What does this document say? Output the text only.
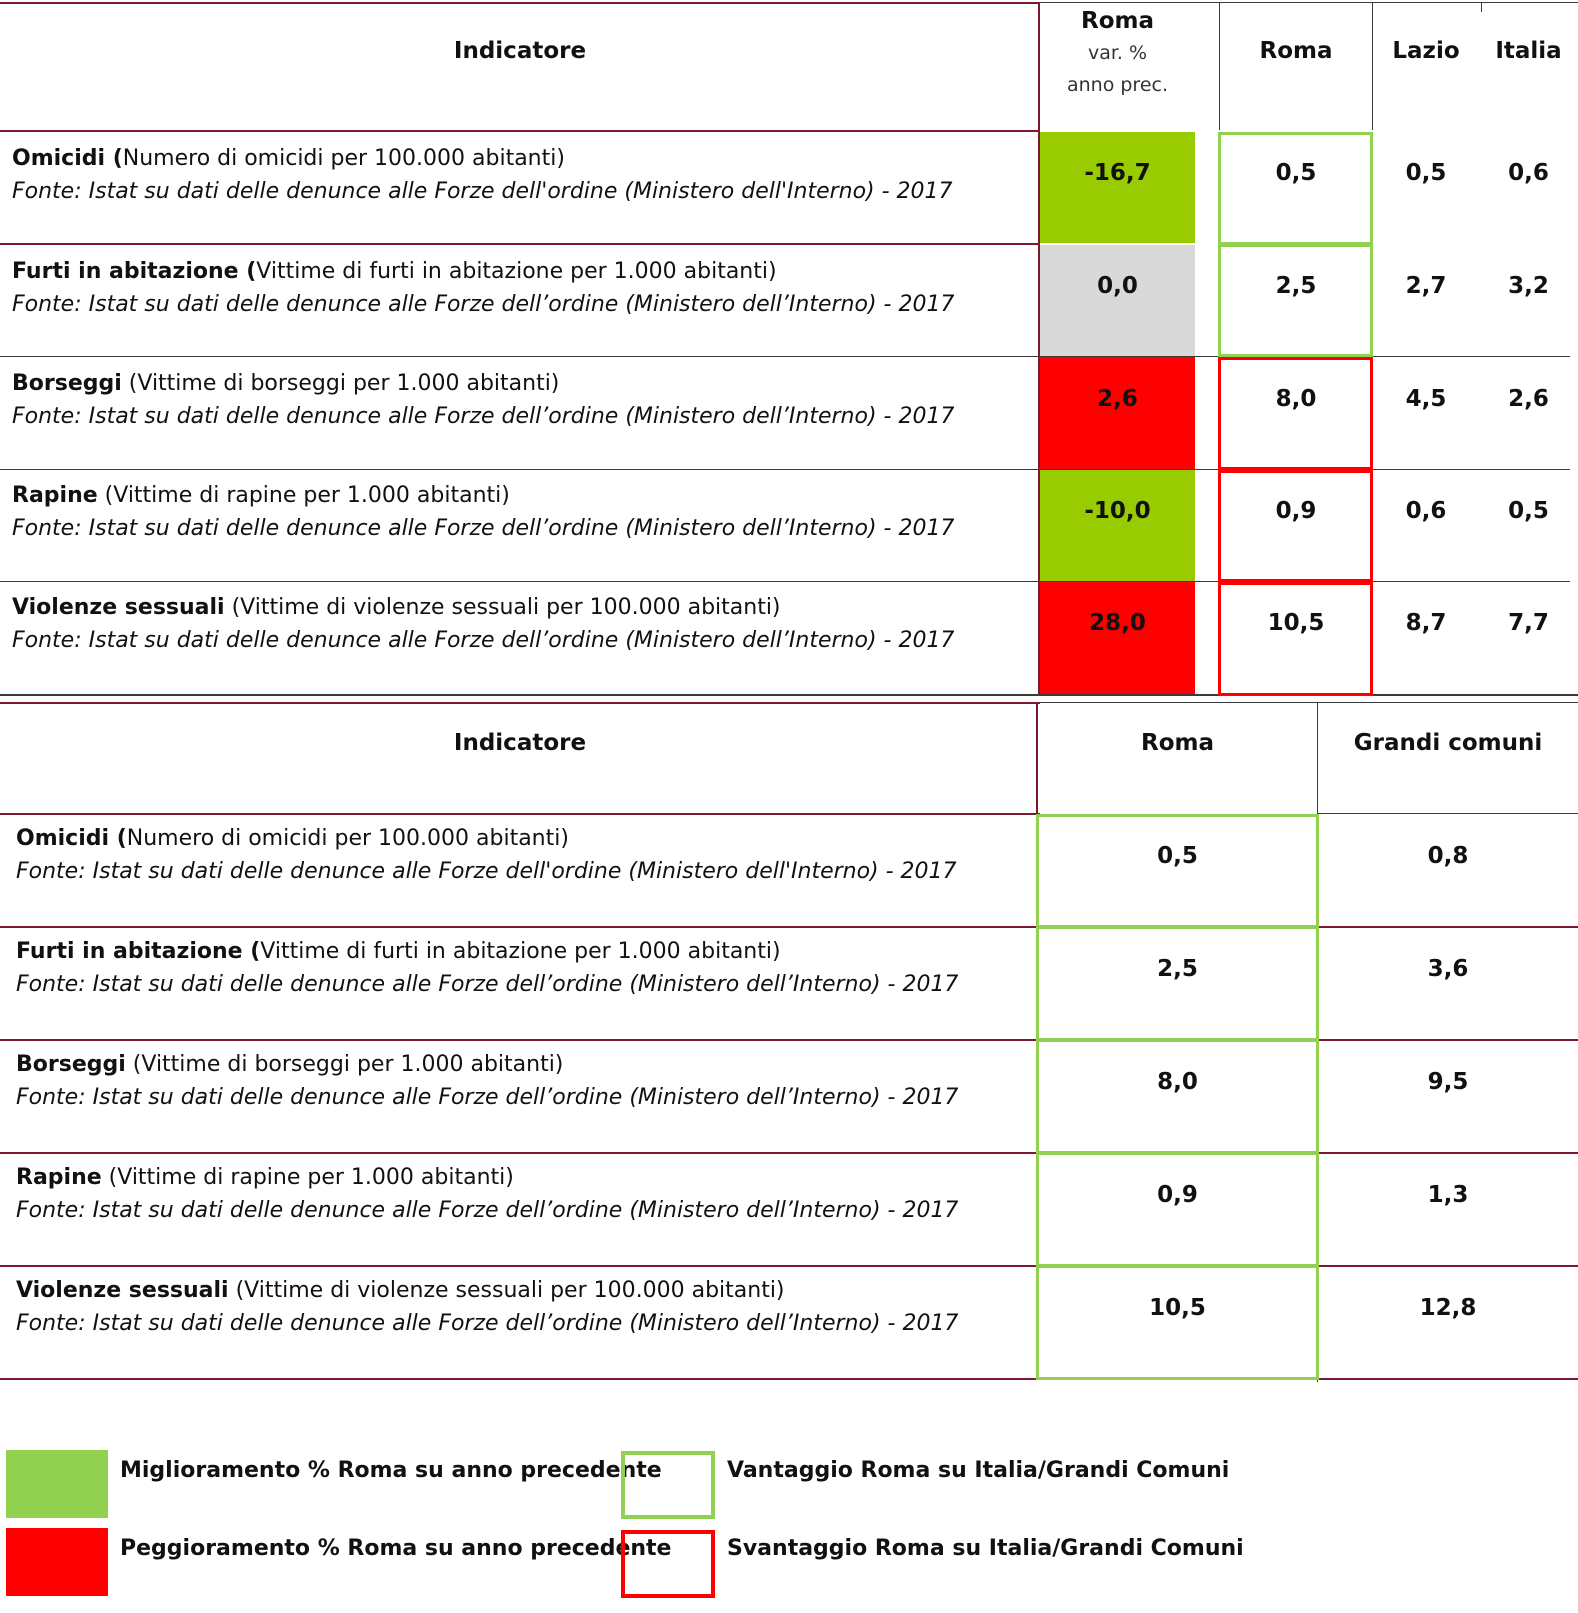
Indicatore
Roma
var. %
anno prec.
Roma	Lazio	Italia
Omicidi (Numero di omicidi per 100.000 abitanti)
Fonte: Istat su dati delle denunce alle Forze dell'ordine (Ministero dell'Interno) - 2017
-16,7	0,5	0,5	0,6
Furti in abitazione (Vittime di furti in abitazione per 1.000 abitanti)
Fonte: Istat su dati delle denunce alle Forze dell’ordine (Ministero dell’Interno) - 2017
0,0	2,5	2,7	3,2
Borseggi (Vittime di borseggi per 1.000 abitanti)
Fonte: Istat su dati delle denunce alle Forze dell’ordine (Ministero dell’Interno) - 2017
2,6	8,0	4,5	2,6
Rapine (Vittime di rapine per 1.000 abitanti)
Fonte: Istat su dati delle denunce alle Forze dell’ordine (Ministero dell’Interno) - 2017
-10,0	0,9	0,6	0,5
Violenze sessuali (Vittime di violenze sessuali per 100.000 abitanti)
Fonte: Istat su dati delle denunce alle Forze dell’ordine (Ministero dell’Interno) - 2017
28,0	10,5	8,7	7,7
Indicatore	Roma	Grandi comuni
Omicidi (Numero di omicidi per 100.000 abitanti)
Fonte: Istat su dati delle denunce alle Forze dell'ordine (Ministero dell'Interno) - 2017
0,5	0,8
Furti in abitazione (Vittime di furti in abitazione per 1.000 abitanti)
Fonte: Istat su dati delle denunce alle Forze dell’ordine (Ministero dell’Interno) - 2017
2,5	3,6
Borseggi (Vittime di borseggi per 1.000 abitanti)
Fonte: Istat su dati delle denunce alle Forze dell’ordine (Ministero dell’Interno) - 2017
8,0	9,5
Rapine (Vittime di rapine per 1.000 abitanti)
Fonte: Istat su dati delle denunce alle Forze dell’ordine (Ministero dell’Interno) - 2017
0,9	1,3
Violenze sessuali (Vittime di violenze sessuali per 100.000 abitanti)
Fonte: Istat su dati delle denunce alle Forze dell’ordine (Ministero dell’Interno) - 2017
10,5	12,8
Miglioramento % Roma su anno precedente
Peggioramento % Roma su anno precedente
Vantaggio Roma su Italia/Grandi Comuni
Svantaggio Roma su Italia/Grandi Comuni
